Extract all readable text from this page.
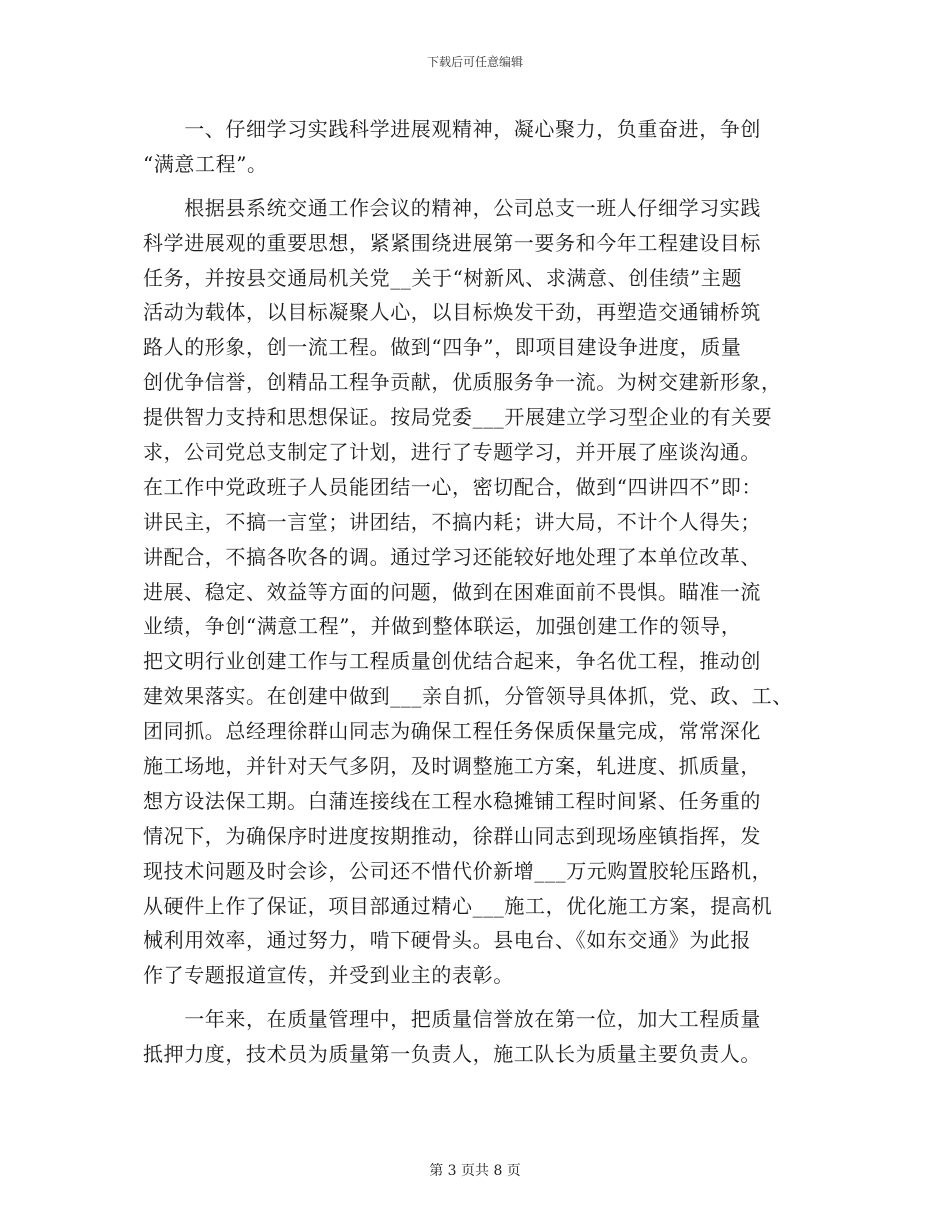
下载后可任意编辑
　　一、仔细学习实践科学进展观精神，凝心聚力，负重奋进，争创
“满意工程”。
　　根据县系统交通工作会议的精神，公司总支一班人仔细学习实践
科学进展观的重要思想，紧紧围绕进展第一要务和今年工程建设目标
任务，并按县交通局机关党__关于“树新风、求满意、创佳绩”主题
活动为载体，以目标凝聚人心，以目标焕发干劲，再塑造交通铺桥筑
路人的形象，创一流工程。做到“四争”，即项目建设争进度，质量
创优争信誉，创精品工程争贡献，优质服务争一流。为树交建新形象，
提供智力支持和思想保证。按局党委___开展建立学习型企业的有关要
求，公司党总支制定了计划，进行了专题学习，并开展了座谈沟通。
在工作中党政班子人员能团结一心，密切配合，做到“四讲四不”即：
讲民主，不搞一言堂；讲团结，不搞内耗；讲大局，不计个人得失；
讲配合，不搞各吹各的调。通过学习还能较好地处理了本单位改革、
进展、稳定、效益等方面的问题，做到在困难面前不畏惧。瞄准一流
业绩，争创“满意工程”，并做到整体联运，加强创建工作的领导，
把文明行业创建工作与工程质量创优结合起来，争名优工程，推动创
建效果落实。在创建中做到___亲自抓，分管领导具体抓，党、政、工、
团同抓。总经理徐群山同志为确保工程任务保质保量完成，常常深化
施工场地，并针对天气多阴，及时调整施工方案，轧进度、抓质量，
想方设法保工期。白蒲连接线在工程水稳摊铺工程时间紧、任务重的
情况下，为确保序时进度按期推动，徐群山同志到现场座镇指挥，发
现技术问题及时会诊，公司还不惜代价新增___万元购置胶轮压路机，
从硬件上作了保证，项目部通过精心___施工，优化施工方案，提高机
械利用效率，通过努力，啃下硬骨头。县电台、《如东交通》为此报
作了专题报道宣传，并受到业主的表彰。
　　一年来，在质量管理中，把质量信誉放在第一位，加大工程质量
抵押力度，技术员为质量第一负责人，施工队长为质量主要负责人。
第 3 页共 8 页
